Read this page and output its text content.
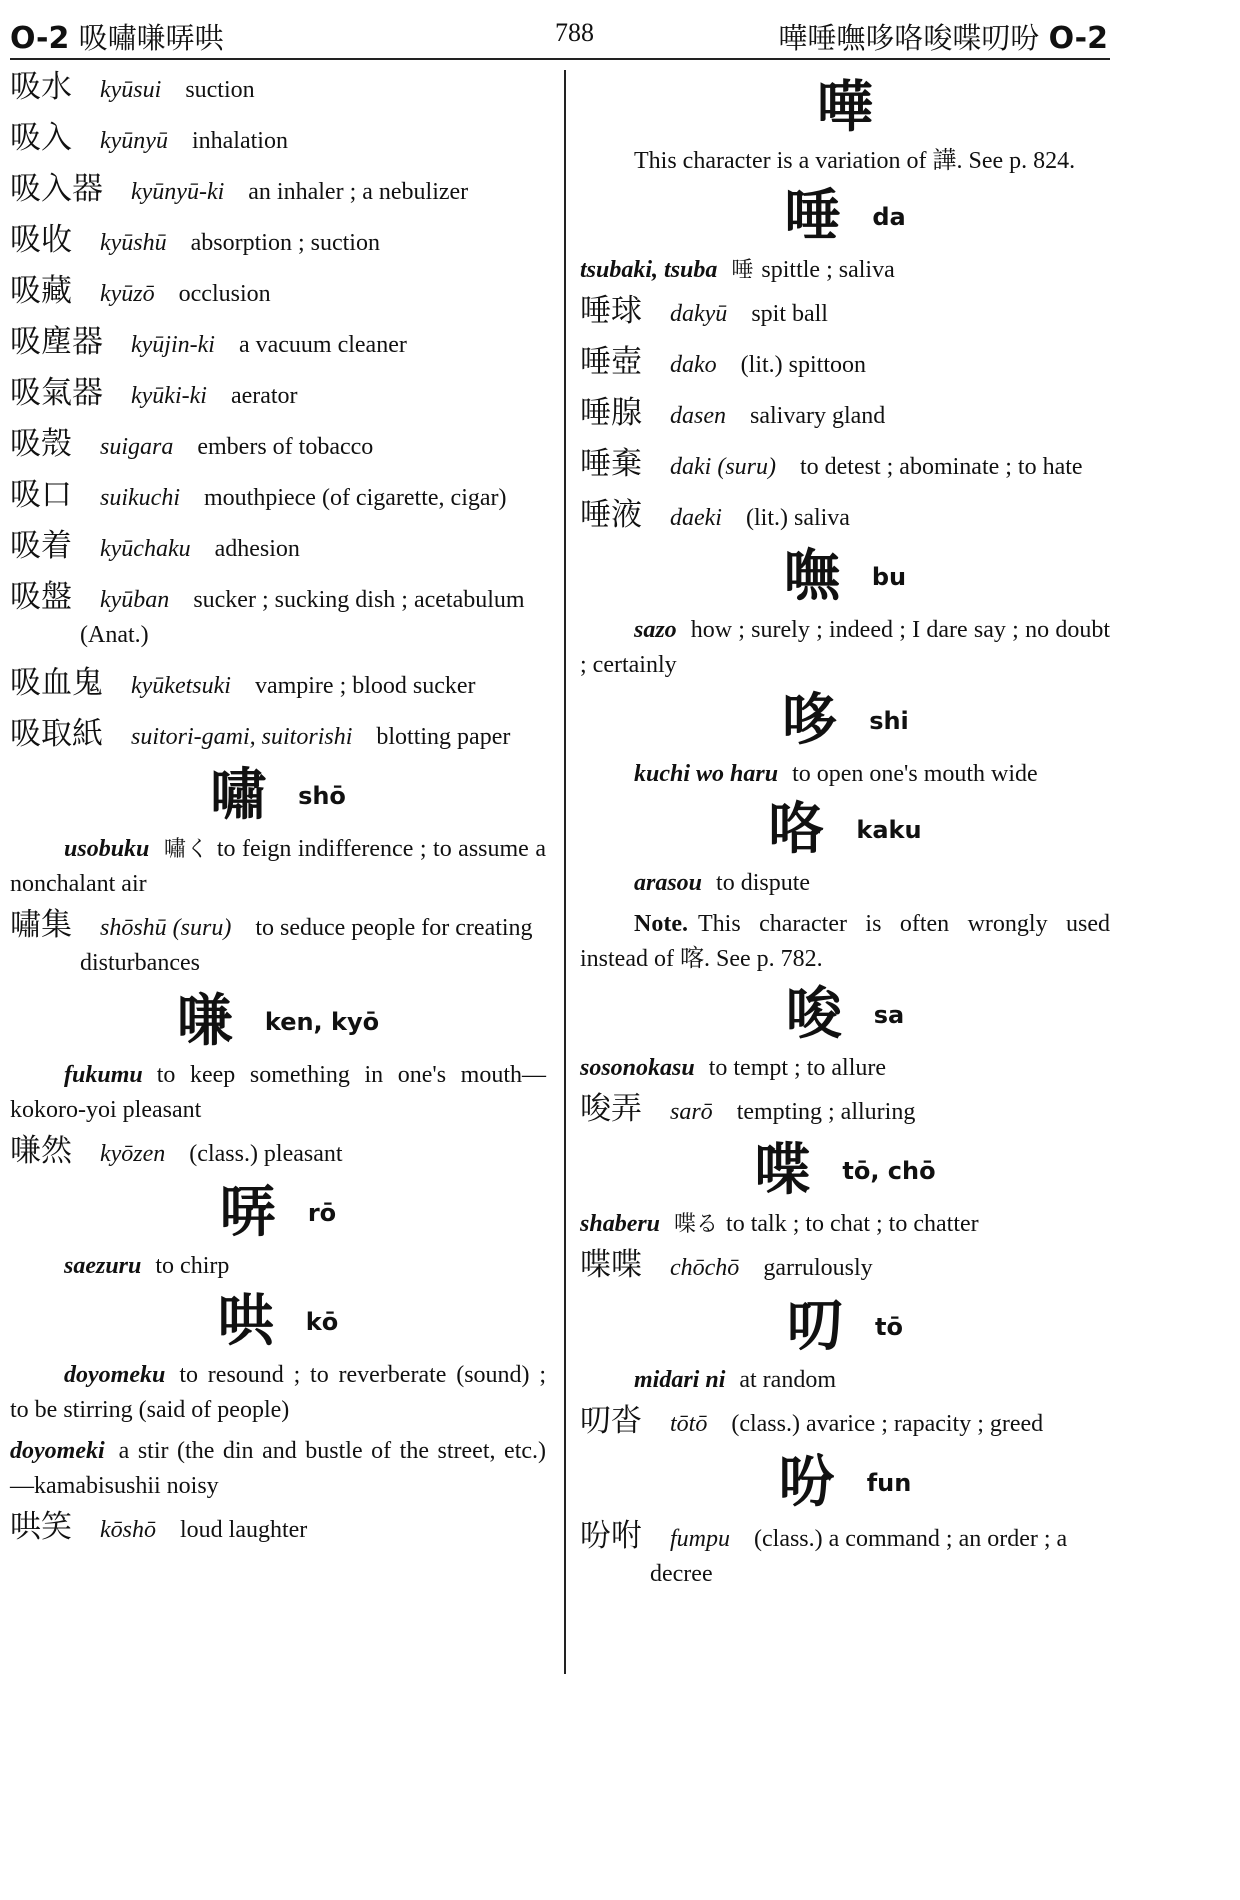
O-2 吸嘯嗛哢哄	788	嘩唾嘸哆咯唆喋叨吩 O-2
吸水 kyūsui suction
吸入 kyūnyū inhalation
吸入器 kyūnyū-ki an inhaler ; a nebulizer
吸收 kyūshū absorption ; suction
吸藏 kyūzō occlusion
吸塵器 kyūjin-ki a vacuum cleaner
吸氣器 kyūki-ki aerator
吸殼 suigara embers of tobacco
吸口 suikuchi mouthpiece (of cigarette, cigar)
吸着 kyūchaku adhesion
吸盤 kyūban sucker ; sucking dish ; acetabulum (Anat.)
吸血鬼 kyūketsuki vampire ; blood sucker
吸取紙 suitori-gami, suitorishi blotting paper
嘯 shō
usobuku 嘯く to feign indifference ; to assume a nonchalant air
嘯集 shōshū (suru) to seduce people for creating disturbances
嗛 ken, kyō
fukumu to keep something in one's mouth—kokoro-yoi pleasant
嗛然 kyōzen (class.) pleasant
哢 rō
saezuru to chirp
哄 kō
doyomeku to resound ; to reverberate (sound) ; to be stirring (said of people)
doyomeki a stir (the din and bustle of the street, etc.) —kamabisushii noisy
哄笑 kōshō loud laughter
嘩
This character is a variation of 譁. See p. 824.
唾 da
tsubaki, tsuba 唾 spittle ; saliva
唾球 dakyū spit ball
唾壺 dako (lit.) spittoon
唾腺 dasen salivary gland
唾棄 daki (suru) to detest ; abominate ; to hate
唾液 daeki (lit.) saliva
嘸 bu
sazo how ; surely ; indeed ; I dare say ; no doubt ; certainly
哆 shi
kuchi wo haru to open one's mouth wide
咯 kaku
arasou to dispute
Note. This character is often wrongly used instead of 喀. See p. 782.
唆 sa
sosonokasu to tempt ; to allure
唆弄 sarō tempting ; alluring
喋 tō, chō
shaberu 喋る to talk ; to chat ; to chatter
喋喋 chōchō garrulously
叨 tō
midari ni at random
叨沓 tōtō (class.) avarice ; rapacity ; greed
吩 fun
吩咐 fumpu (class.) a command ; an order ; a decree
